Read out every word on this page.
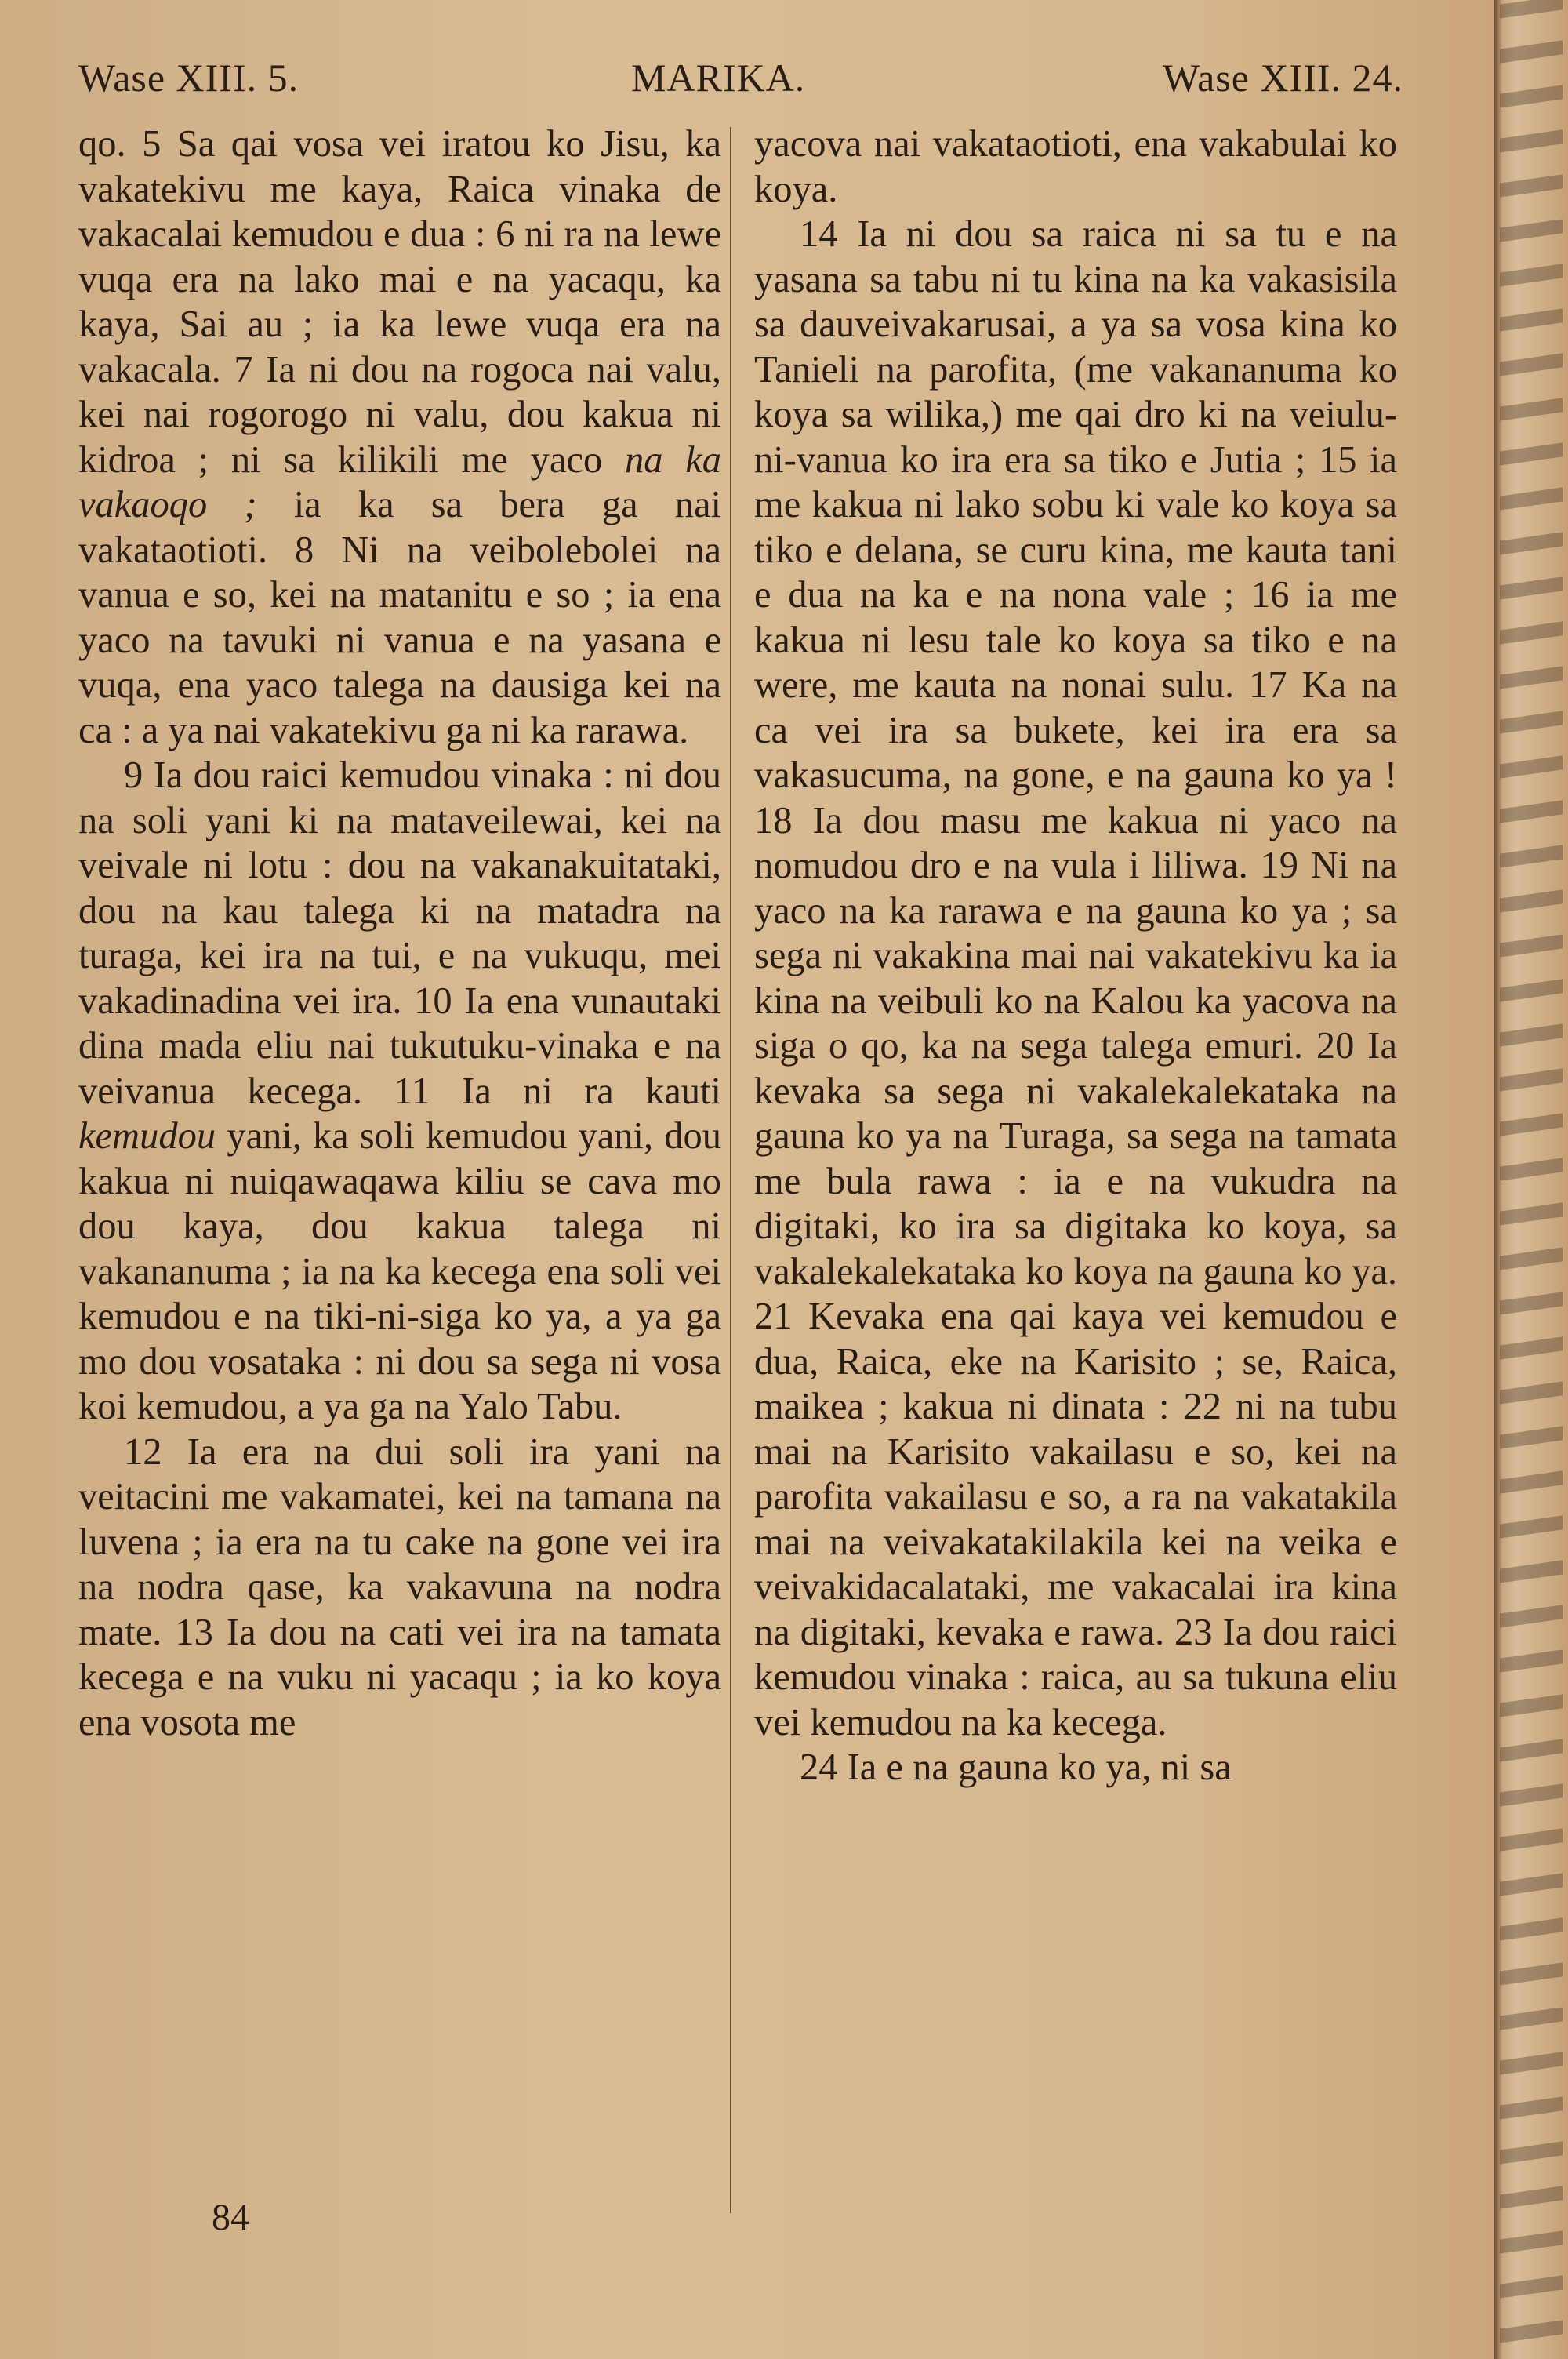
Wase XIII. 5.	MARIKA.	Wase XIII. 24.

qo. 5 Sa qai vosa vei iratou ko Jisu, ka vakatekivu me kaya, Raica vinaka de vakacalai kemudou e dua : 6 ni ra na lewe vuqa era na lako mai e na yacaqu, ka kaya, Sai au ; ia ka lewe vuqa era na vakacala. 7 Ia ni dou na rogoca nai valu, kei nai rogorogo ni valu, dou kakua ni kidroa ; ni sa kilikili me yaco na ka vakaoqo ; ia ka sa bera ga nai vakataotioti. 8 Ni na veibolebolei na vanua e so, kei na matanitu e so ; ia ena yaco na tavuki ni vanua e na yasana e vuqa, ena yaco talega na dausiga kei na ca : a ya nai vakatekivu ga ni ka rarawa.

9 Ia dou raici kemudou vinaka : ni dou na soli yani ki na mataveilewai, kei na veivale ni lotu : dou na vakanakuitataki, dou na kau talega ki na matadra na turaga, kei ira na tui, e na vukuqu, mei vakadinadina vei ira. 10 Ia ena vunautaki dina mada eliu nai tukutuku-vinaka e na veivanua kecega. 11 Ia ni ra kauti kemudou yani, ka soli kemudou yani, dou kakua ni nuiqawaqawa kiliu se cava mo dou kaya, dou kakua talega ni vakananuma ; ia na ka kecega ena soli vei kemudou e na tiki-ni-siga ko ya, a ya ga mo dou vosataka : ni dou sa sega ni vosa koi kemudou, a ya ga na Yalo Tabu.

12 Ia era na dui soli ira yani na veitacini me vakamatei, kei na tamana na luvena ; ia era na tu cake na gone vei ira na nodra qase, ka vakavuna na nodra mate. 13 Ia dou na cati vei ira na tamata kecega e na vuku ni yacaqu ; ia ko koya ena vosota me

yacova nai vakataotioti, ena vakabulai ko koya.

14 Ia ni dou sa raica ni sa tu e na yasana sa tabu ni tu kina na ka vakasisila sa dauveivakarusai, a ya sa vosa kina ko Tanieli na parofita, (me vakananuma ko koya sa wilika,) me qai dro ki na veiulu-ni-vanua ko ira era sa tiko e Jutia ; 15 ia me kakua ni lako sobu ki vale ko koya sa tiko e delana, se curu kina, me kauta tani e dua na ka e na nona vale ; 16 ia me kakua ni lesu tale ko koya sa tiko e na were, me kauta na nonai sulu. 17 Ka na ca vei ira sa bukete, kei ira era sa vakasucuma, na gone, e na gauna ko ya ! 18 Ia dou masu me kakua ni yaco na nomudou dro e na vula i liliwa. 19 Ni na yaco na ka rarawa e na gauna ko ya ; sa sega ni vakakina mai nai vakatekivu ka ia kina na veibuli ko na Kalou ka yacova na siga o qo, ka na sega talega emuri. 20 Ia kevaka sa sega ni vakalekalekataka na gauna ko ya na Turaga, sa sega na tamata me bula rawa : ia e na vukudra na digitaki, ko ira sa digitaka ko koya, sa vakalekalekataka ko koya na gauna ko ya. 21 Kevaka ena qai kaya vei kemudou e dua, Raica, eke na Karisito ; se, Raica, maikea ; kakua ni dinata : 22 ni na tubu mai na Karisito vakailasu e so, kei na parofita vakailasu e so, a ra na vakatakila mai na veivakatakilakila kei na veika e veivakidacalataki, me vakacalai ira kina na digitaki, kevaka e rawa. 23 Ia dou raici kemudou vinaka : raica, au sa tukuna eliu vei kemudou na ka kecega.

24 Ia e na gauna ko ya, ni sa

84
